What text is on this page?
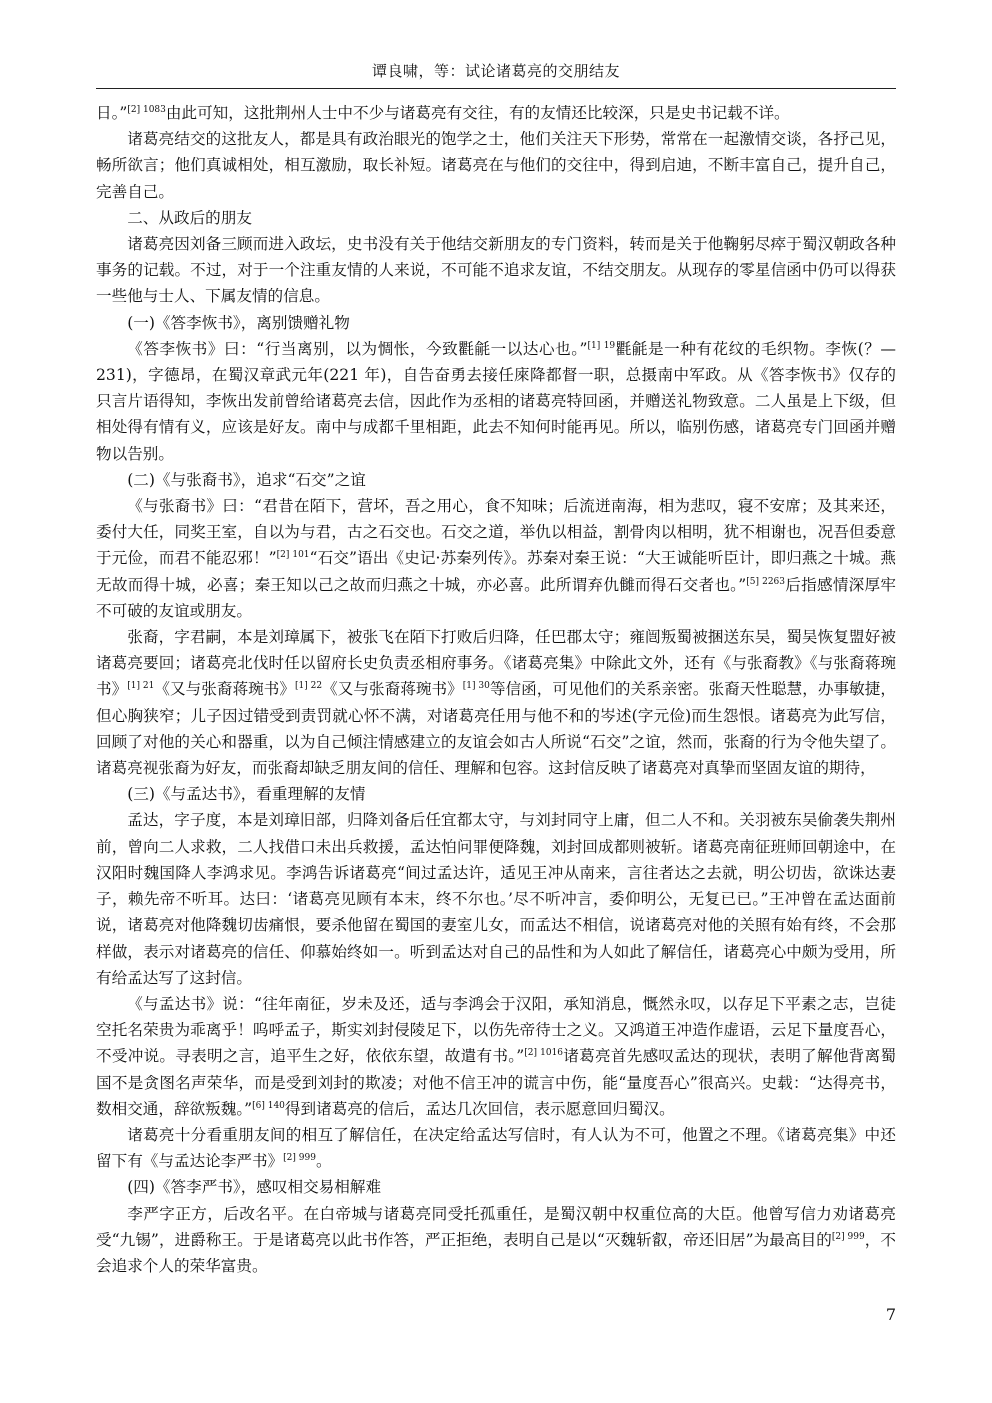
谭良啸，等：试论诸葛亮的交朋结友

日。”$^{[2] 1083}$由此可知，这批荆州人士中不少与诸葛亮有交往，有的友情还比较深，只是史书记载不详。

诸葛亮结交的这批友人，都是具有政治眼光的饱学之士，他们关注天下形势，常常在一起激情交谈，各抒己见，畅所欲言；他们真诚相处，相互激励，取长补短。诸葛亮在与他们的交往中，得到启迪，不断丰富自己，提升自己，完善自己。

二、从政后的朋友

诸葛亮因刘备三顾而进入政坛，史书没有关于他结交新朋友的专门资料，转而是关于他鞠躬尽瘁于蜀汉朝政各种事务的记载。不过，对于一个注重友情的人来说，不可能不追求友谊，不结交朋友。从现存的零星信函中仍可以得获一些他与士人、下属友情的信息。

(一)《答李恢书》，离别馈赠礼物

《答李恢书》曰：“行当离别，以为惆怅，今致氍毹一以达心也。”$^{[1] 19}$氍毹是一种有花纹的毛织物。李恢(？—231)，字德昂，在蜀汉章武元年(221 年)，自告奋勇去接任庲降都督一职，总摄南中军政。从《答李恢书》仅存的只言片语得知，李恢出发前曾给诸葛亮去信，因此作为丞相的诸葛亮特回函，并赠送礼物致意。二人虽是上下级，但相处得有情有义，应该是好友。南中与成都千里相距，此去不知何时能再见。所以，临别伤感，诸葛亮专门回函并赠物以告别。

(二)《与张裔书》，追求“石交”之谊

《与张裔书》曰：“君昔在陌下，营坏，吾之用心，食不知味；后流迸南海，相为悲叹，寝不安席；及其来还，委付大任，同奖王室，自以为与君，古之石交也。石交之道，举仇以相益，割骨肉以相明，犹不相谢也，况吾但委意于元俭，而君不能忍邪！”$^{[2] 101}$“石交”语出《史记·苏秦列传》。苏秦对秦王说：“大王诚能听臣计，即归燕之十城。燕无故而得十城，必喜；秦王知以己之故而归燕之十城，亦必喜。此所谓弃仇雠而得石交者也。”$^{[5] 2263}$后指感情深厚牢不可破的友谊或朋友。

张裔，字君嗣，本是刘璋属下，被张飞在陌下打败后归降，任巴郡太守；雍闿叛蜀被捆送东吴，蜀吴恢复盟好被诸葛亮要回；诸葛亮北伐时任以留府长史负责丞相府事务。《诸葛亮集》中除此文外，还有《与张裔教》《与张裔蒋琬书》$^{[1] 21}$《又与张裔蒋琬书》$^{[1] 22}$《又与张裔蒋琬书》$^{[1] 30}$等信函，可见他们的关系亲密。张裔天性聪慧，办事敏捷，但心胸狭窄；儿子因过错受到责罚就心怀不满，对诸葛亮任用与他不和的岑述(字元俭)而生怨恨。诸葛亮为此写信，回顾了对他的关心和器重，以为自己倾注情感建立的友谊会如古人所说“石交”之谊，然而，张裔的行为令他失望了。诸葛亮视张裔为好友，而张裔却缺乏朋友间的信任、理解和包容。这封信反映了诸葛亮对真挚而坚固友谊的期待，

(三)《与孟达书》，看重理解的友情

孟达，字子度，本是刘璋旧部，归降刘备后任宜都太守，与刘封同守上庸，但二人不和。关羽被东吴偷袭失荆州前，曾向二人求救，二人找借口未出兵救援，孟达怕问罪便降魏，刘封回成都则被斩。诸葛亮南征班师回朝途中，在汉阳时魏国降人李鸿求见。李鸿告诉诸葛亮“间过孟达许，适见王冲从南来，言往者达之去就，明公切齿，欲诛达妻子，赖先帝不听耳。达曰：‘诸葛亮见顾有本末，终不尔也。’尽不听冲言，委仰明公，无复已已。”王冲曾在孟达面前说，诸葛亮对他降魏切齿痛恨，要杀他留在蜀国的妻室儿女，而孟达不相信，说诸葛亮对他的关照有始有终，不会那样做，表示对诸葛亮的信任、仰慕始终如一。听到孟达对自己的品性和为人如此了解信任，诸葛亮心中颇为受用，所有给孟达写了这封信。

《与孟达书》说：“往年南征，岁未及还，适与李鸿会于汉阳，承知消息，慨然永叹，以存足下平素之志，岂徒空托名荣贵为乖离乎！呜呼孟子，斯实刘封侵陵足下，以伤先帝待士之义。又鸿道王冲造作虚语，云足下量度吾心，不受冲说。寻表明之言，追平生之好，依依东望，故遣有书。”$^{[2] 1016}$诸葛亮首先感叹孟达的现状，表明了解他背离蜀国不是贪图名声荣华，而是受到刘封的欺凌；对他不信王冲的谎言中伤，能“量度吾心”很高兴。史载：“达得亮书，数相交通，辞欲叛魏。”$^{[6] 140}$得到诸葛亮的信后，孟达几次回信，表示愿意回归蜀汉。

诸葛亮十分看重朋友间的相互了解信任，在决定给孟达写信时，有人认为不可，他置之不理。《诸葛亮集》中还留下有《与孟达论李严书》$^{[2] 999}$。

(四)《答李严书》，感叹相交易相解难

李严字正方，后改名平。在白帝城与诸葛亮同受托孤重任，是蜀汉朝中权重位高的大臣。他曾写信力劝诸葛亮受“九锡”，进爵称王。于是诸葛亮以此书作答，严正拒绝，表明自己是以“灭魏斩叡，帝还旧居”为最高目的$^{[2] 999}$，不会追求个人的荣华富贵。

7
